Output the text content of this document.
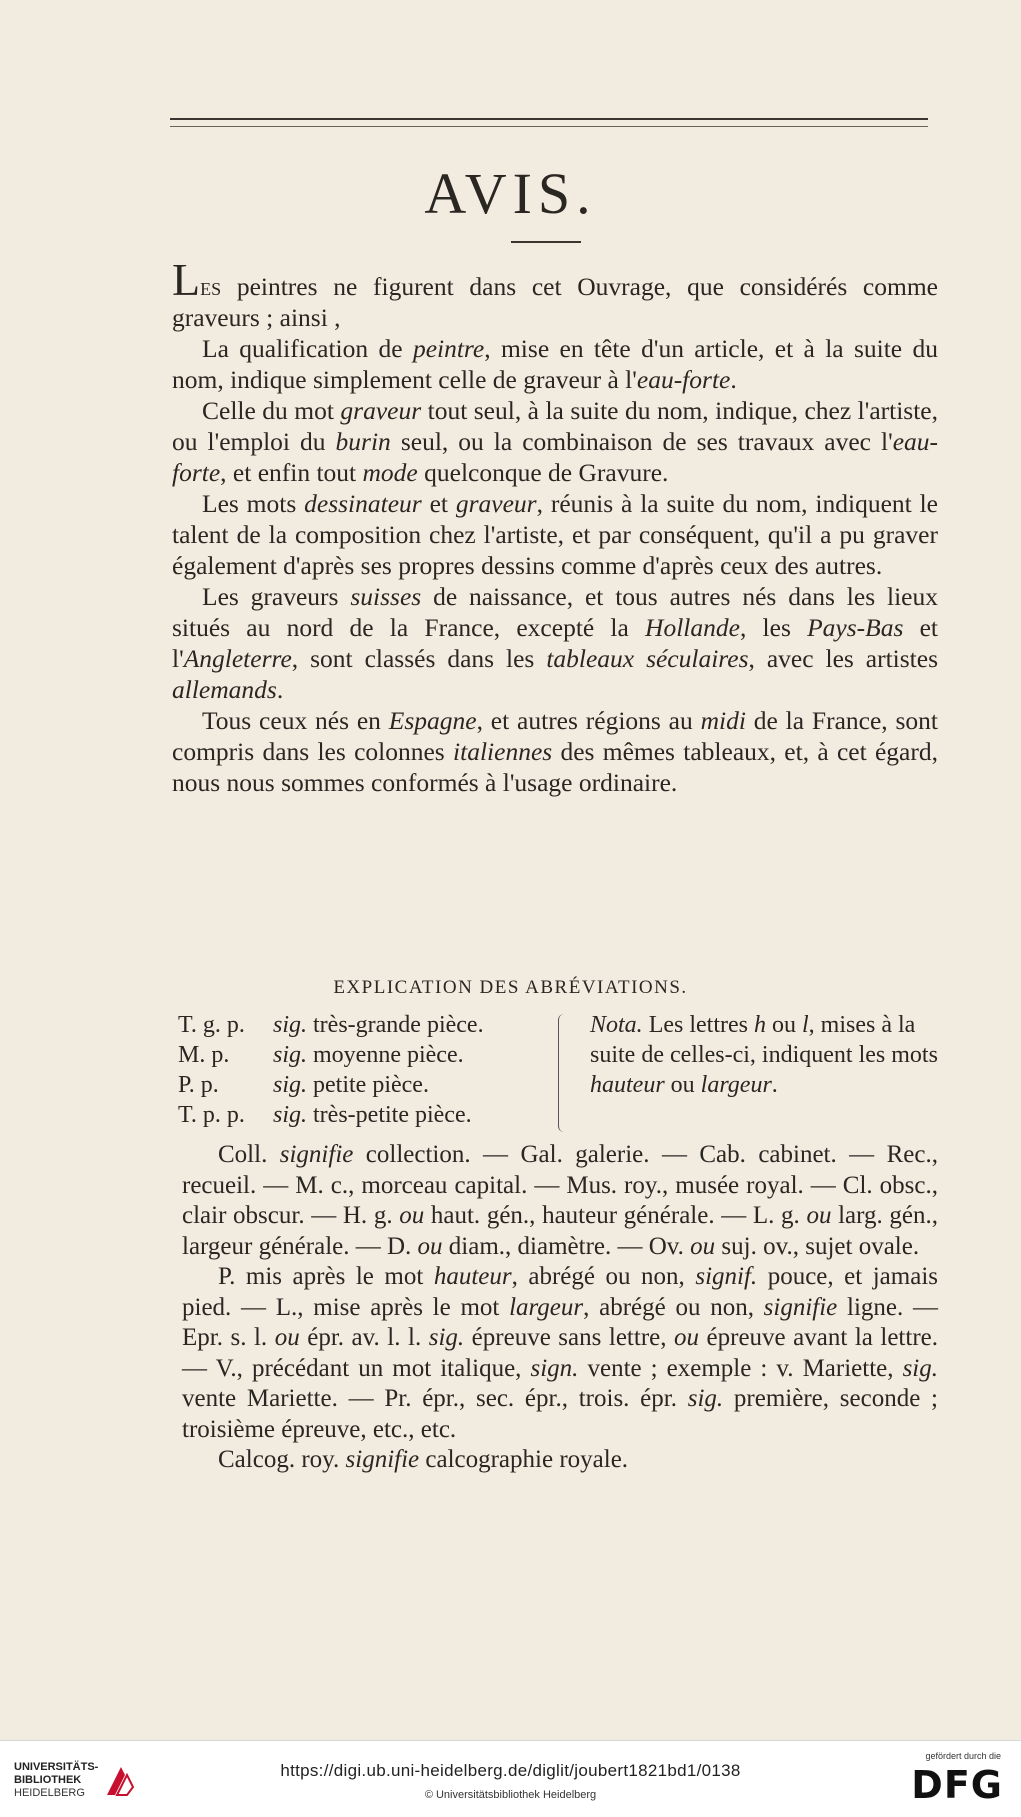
AVIS.

Les peintres ne figurent dans cet Ouvrage, que considérés comme graveurs ; ainsi ,

La qualification de peintre, mise en tête d'un article, et à la suite du nom, indique simplement celle de graveur à l'eau-forte.

Celle du mot graveur tout seul, à la suite du nom, indique, chez l'artiste, ou l'emploi du burin seul, ou la combinaison de ses travaux avec l'eau-forte, et enfin tout mode quelconque de Gravure.

Les mots dessinateur et graveur, réunis à la suite du nom, indiquent le talent de la composition chez l'artiste, et par conséquent, qu'il a pu graver également d'après ses propres dessins comme d'après ceux des autres.

Les graveurs suisses de naissance, et tous autres nés dans les lieux situés au nord de la France, excepté la Hollande, les Pays-Bas et l'Angleterre, sont classés dans les tableaux séculaires, avec les artistes allemands.

Tous ceux nés en Espagne, et autres régions au midi de la France, sont compris dans les colonnes italiennes des mêmes tableaux, et, à cet égard, nous nous sommes conformés à l'usage ordinaire.

EXPLICATION DES ABRÉVIATIONS.
T. g. p. sig. très-grande pièce.
M. p. sig. moyenne pièce.
P. p. sig. petite pièce.
T. p. p. sig. très-petite pièce.
Nota. Les lettres h ou l, mises à la suite de celles-ci, indiquent les mots hauteur ou largeur.

Coll. signifie collection. — Gal. galerie. — Cab. cabinet. — Rec., recueil. — M. c., morceau capital. — Mus. roy., musée royal. — Cl. obsc., clair obscur. — H. g. ou haut. gén., hauteur générale. — L. g. ou larg. gén., largeur générale. — D. ou diam., diamètre. — Ov. ou suj. ov., sujet ovale.

P. mis après le mot hauteur, abrégé ou non, signif. pouce, et jamais pied. — L., mise après le mot largeur, abrégé ou non, signifie ligne. — Epr. s. l. ou épr. av. l. l. sig. épreuve sans lettre, ou épreuve avant la lettre. — V., précédant un mot italique, sign. vente ; exemple : v. Mariette, sig. vente Mariette. — Pr. épr., sec. épr., trois. épr. sig. première, seconde ; troisième épreuve, etc., etc.

Calcog. roy. signifie calcographie royale.

UNIVERSITÄTS-
BIBLIOTHEK
HEIDELBERG
https://digi.ub.uni-heidelberg.de/diglit/joubert1821bd1/0138
© Universitätsbibliothek Heidelberg
gefördert durch die
DFG
